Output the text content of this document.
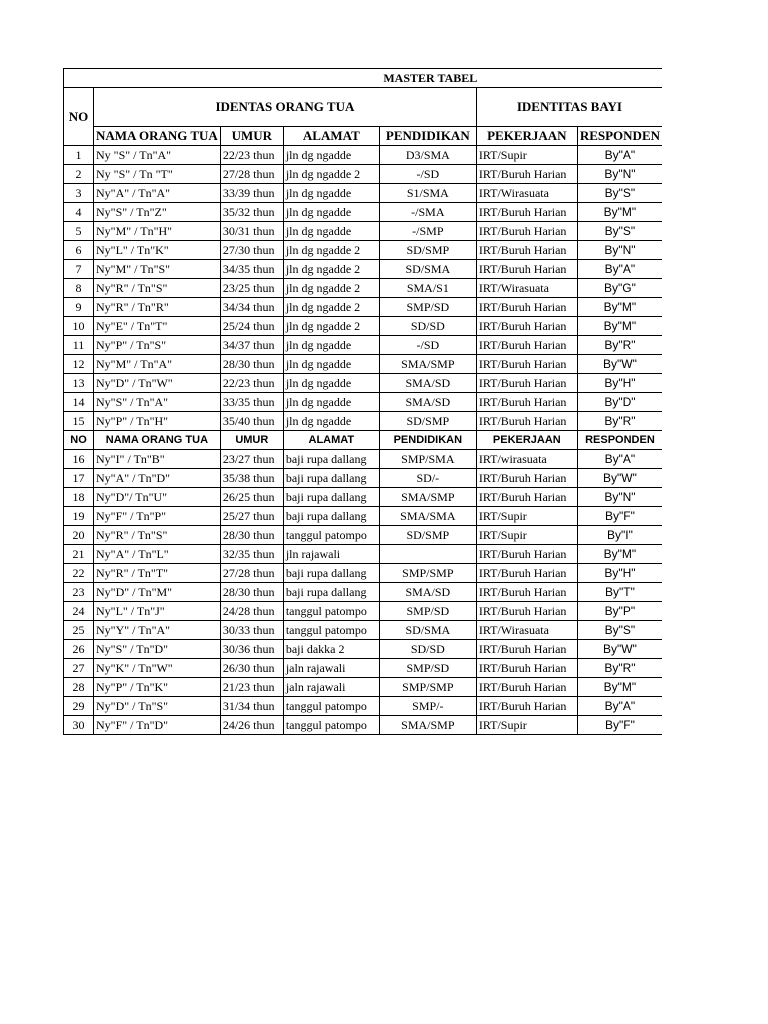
				MASTER TABEL		
NO	IDENTAS ORANG TUA				IDENTITAS BAYI	
	NAMA ORANG TUA	UMUR	ALAMAT	PENDIDIKAN	PEKERJAAN	RESPONDEN
1	Ny "S" / Tn"A"	22/23 thun	jln dg ngadde	D3/SMA	IRT/Supir	By"A"
2	Ny "S" / Tn "T"	27/28 thun	jln dg ngadde 2	-/SD	IRT/Buruh Harian	By"N"
3	Ny"A" / Tn"A"	33/39 thun	jln dg ngadde	S1/SMA	IRT/Wirasuata	By"S"
4	Ny"S" / Tn"Z"	35/32 thun	jln dg ngadde	-/SMA	IRT/Buruh Harian	By"M"
5	Ny"M" / Tn"H"	30/31 thun	jln dg ngadde	-/SMP	IRT/Buruh Harian	By"S"
6	Ny"L" / Tn"K"	27/30 thun	jln dg ngadde 2	SD/SMP	IRT/Buruh Harian	By"N"
7	Ny"M" / Tn"S"	34/35 thun	jln dg ngadde 2	SD/SMA	IRT/Buruh Harian	By"A"
8	Ny"R" / Tn"S"	23/25 thun	jln dg ngadde 2	SMA/S1	IRT/Wirasuata	By"G"
9	Ny"R" / Tn"R"	34/34 thun	jln dg ngadde 2	SMP/SD	IRT/Buruh Harian	By"M"
10	Ny"E" / Tn"T"	25/24 thun	jln dg ngadde 2	SD/SD	IRT/Buruh Harian	By"M"
11	Ny"P" / Tn"S"	34/37 thun	jln dg ngadde	-/SD	IRT/Buruh Harian	By"R"
12	Ny"M" / Tn"A"	28/30 thun	jln dg ngadde	SMA/SMP	IRT/Buruh Harian	By"W"
13	Ny"D" / Tn"W"	22/23 thun	jln dg ngadde	SMA/SD	IRT/Buruh Harian	By"H"
14	Ny"S" / Tn"A"	33/35 thun	jln dg ngadde	SMA/SD	IRT/Buruh Harian	By"D"
15	Ny"P" / Tn"H"	35/40 thun	jln dg ngadde	SD/SMP	IRT/Buruh Harian	By"R"
NO	NAMA ORANG TUA	UMUR	ALAMAT	PENDIDIKAN	PEKERJAAN	RESPONDEN
16	Ny"I" / Tn"B"	23/27 thun	baji rupa dallang	SMP/SMA	IRT/wirasuata	By"A"
17	Ny"A" / Tn"D"	35/38 thun	baji rupa dallang	SD/-	IRT/Buruh Harian	By"W"
18	Ny"D"/ Tn"U"	26/25 thun	baji rupa dallang	SMA/SMP	IRT/Buruh Harian	By"N"
19	Ny"F" / Tn"P"	25/27 thun	baji rupa dallang	SMA/SMA	IRT/Supir	By"F"
20	Ny"R" / Tn"S"	28/30 thun	tanggul patompo	SD/SMP	IRT/Supir	By"I"
21	Ny"A" / Tn"L"	32/35 thun	jln rajawali		IRT/Buruh Harian	By"M"
22	Ny"R" / Tn"T"	27/28 thun	baji rupa dallang	SMP/SMP	IRT/Buruh Harian	By"H"
23	Ny"D" / Tn"M"	28/30 thun	baji rupa dallang	SMA/SD	IRT/Buruh Harian	By"T"
24	Ny"L" / Tn"J"	24/28 thun	tanggul patompo	SMP/SD	IRT/Buruh Harian	By"P"
25	Ny"Y" / Tn"A"	30/33 thun	tanggul patompo	SD/SMA	IRT/Wirasuata	By"S"
26	Ny"S" / Tn"D"	30/36 thun	baji dakka 2	SD/SD	IRT/Buruh Harian	By"W"
27	Ny"K" / Tn"W"	26/30 thun	jaln rajawali	SMP/SD	IRT/Buruh Harian	By"R"
28	Ny"P" / Tn"K"	21/23 thun	jaln rajawali	SMP/SMP	IRT/Buruh Harian	By"M"
29	Ny"D" / Tn"S"	31/34 thun	tanggul patompo	SMP/-	IRT/Buruh Harian	By"A"
30	Ny"F" / Tn"D"	24/26 thun	tanggul patompo	SMA/SMP	IRT/Supir	By"F"
